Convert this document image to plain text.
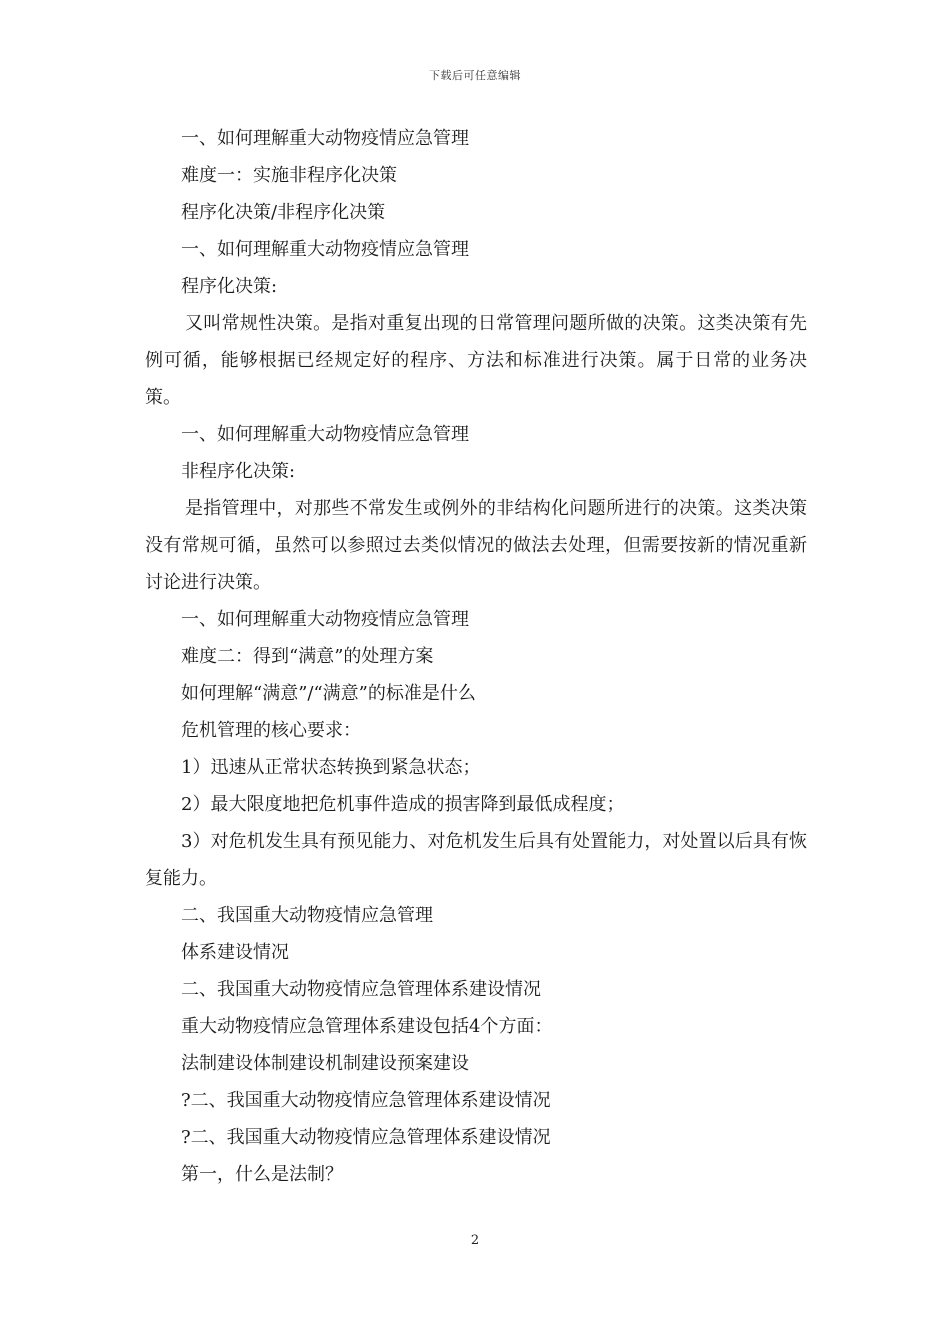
下载后可任意编辑

一、如何理解重大动物疫情应急管理

难度一：实施非程序化决策

程序化决策/非程序化决策

一、如何理解重大动物疫情应急管理

程序化决策:

又叫常规性决策。是指对重复出现的日常管理问题所做的决策。这类决策有先例可循，能够根据已经规定好的程序、方法和标准进行决策。属于日常的业务决策。

一、如何理解重大动物疫情应急管理

非程序化决策:

是指管理中，对那些不常发生或例外的非结构化问题所进行的决策。这类决策没有常规可循，虽然可以参照过去类似情况的做法去处理，但需要按新的情况重新讨论进行决策。

一、如何理解重大动物疫情应急管理

难度二：得到“满意”的处理方案

如何理解“满意”/“满意”的标准是什么

危机管理的核心要求：

1）迅速从正常状态转换到紧急状态；

2）最大限度地把危机事件造成的损害降到最低成程度；

3）对危机发生具有预见能力、对危机发生后具有处置能力，对处置以后具有恢复能力。

二、我国重大动物疫情应急管理

体系建设情况

二、我国重大动物疫情应急管理体系建设情况

重大动物疫情应急管理体系建设包括4个方面：

法制建设体制建设机制建设预案建设

?二、我国重大动物疫情应急管理体系建设情况

?二、我国重大动物疫情应急管理体系建设情况

第一，什么是法制？

2
